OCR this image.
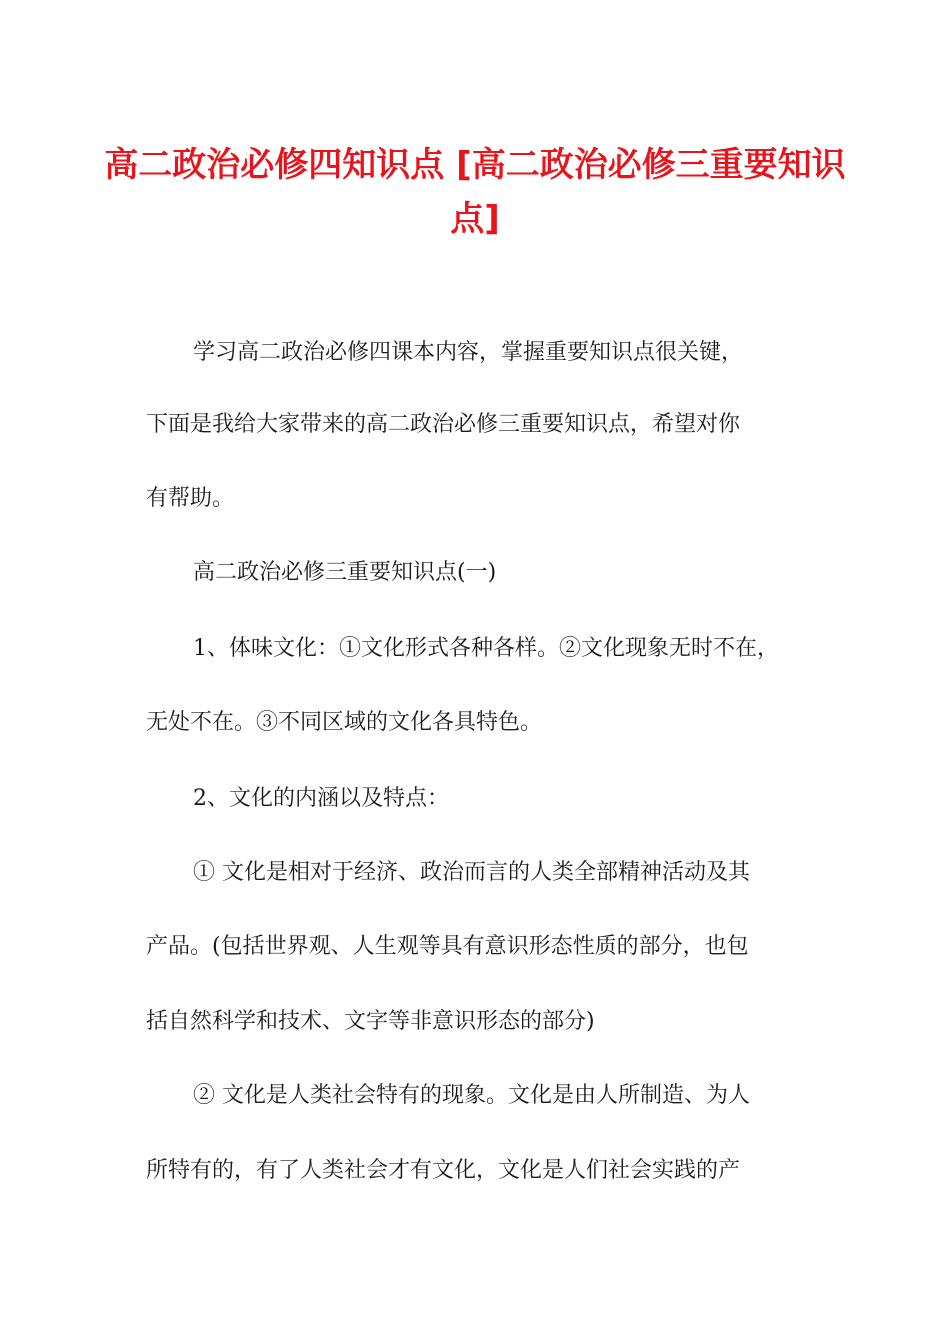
高二政治必修四知识点 [高二政治必修三重要知识点]

学习高二政治必修四课本内容，掌握重要知识点很关键，

下面是我给大家带来的高二政治必修三重要知识点，希望对你

有帮助。

高二政治必修三重要知识点(一)

1、体味文化：①文化形式各种各样。②文化现象无时不在，

无处不在。③不同区域的文化各具特色。

2、文化的内涵以及特点：

① 文化是相对于经济、政治而言的人类全部精神活动及其

产品。(包括世界观、人生观等具有意识形态性质的部分，也包

括自然科学和技术、文字等非意识形态的部分)

② 文化是人类社会特有的现象。文化是由人所制造、为人

所特有的，有了人类社会才有文化，文化是人们社会实践的产
